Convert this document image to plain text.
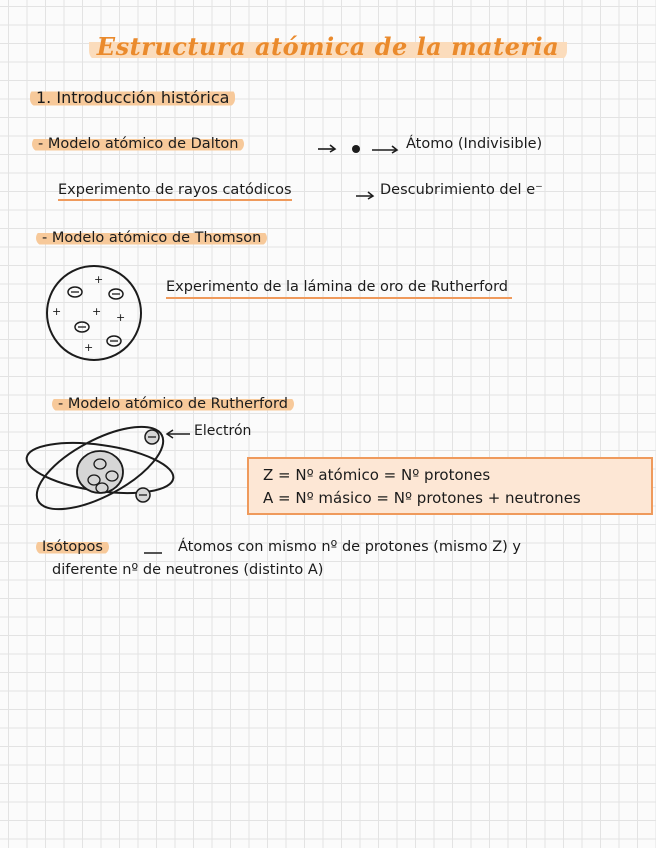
Estructura atómica de la materia
1. Introducción histórica
- Modelo atómico de Dalton	Átomo (Indivisible)
Experimento de rayos catódicos	Descubrimiento del e⁻
- Modelo atómico de Thomson
+
+	+ +
+
Experimento de la lámina de oro de Rutherford
- Modelo atómico de Rutherford
Electrón
Z = Nº atómico = Nº protones
A = Nº másico = Nº protones + neutrones
Isótopos	Átomos con mismo nº de protones (mismo Z) y
diferente nº de neutrones (distinto A)
